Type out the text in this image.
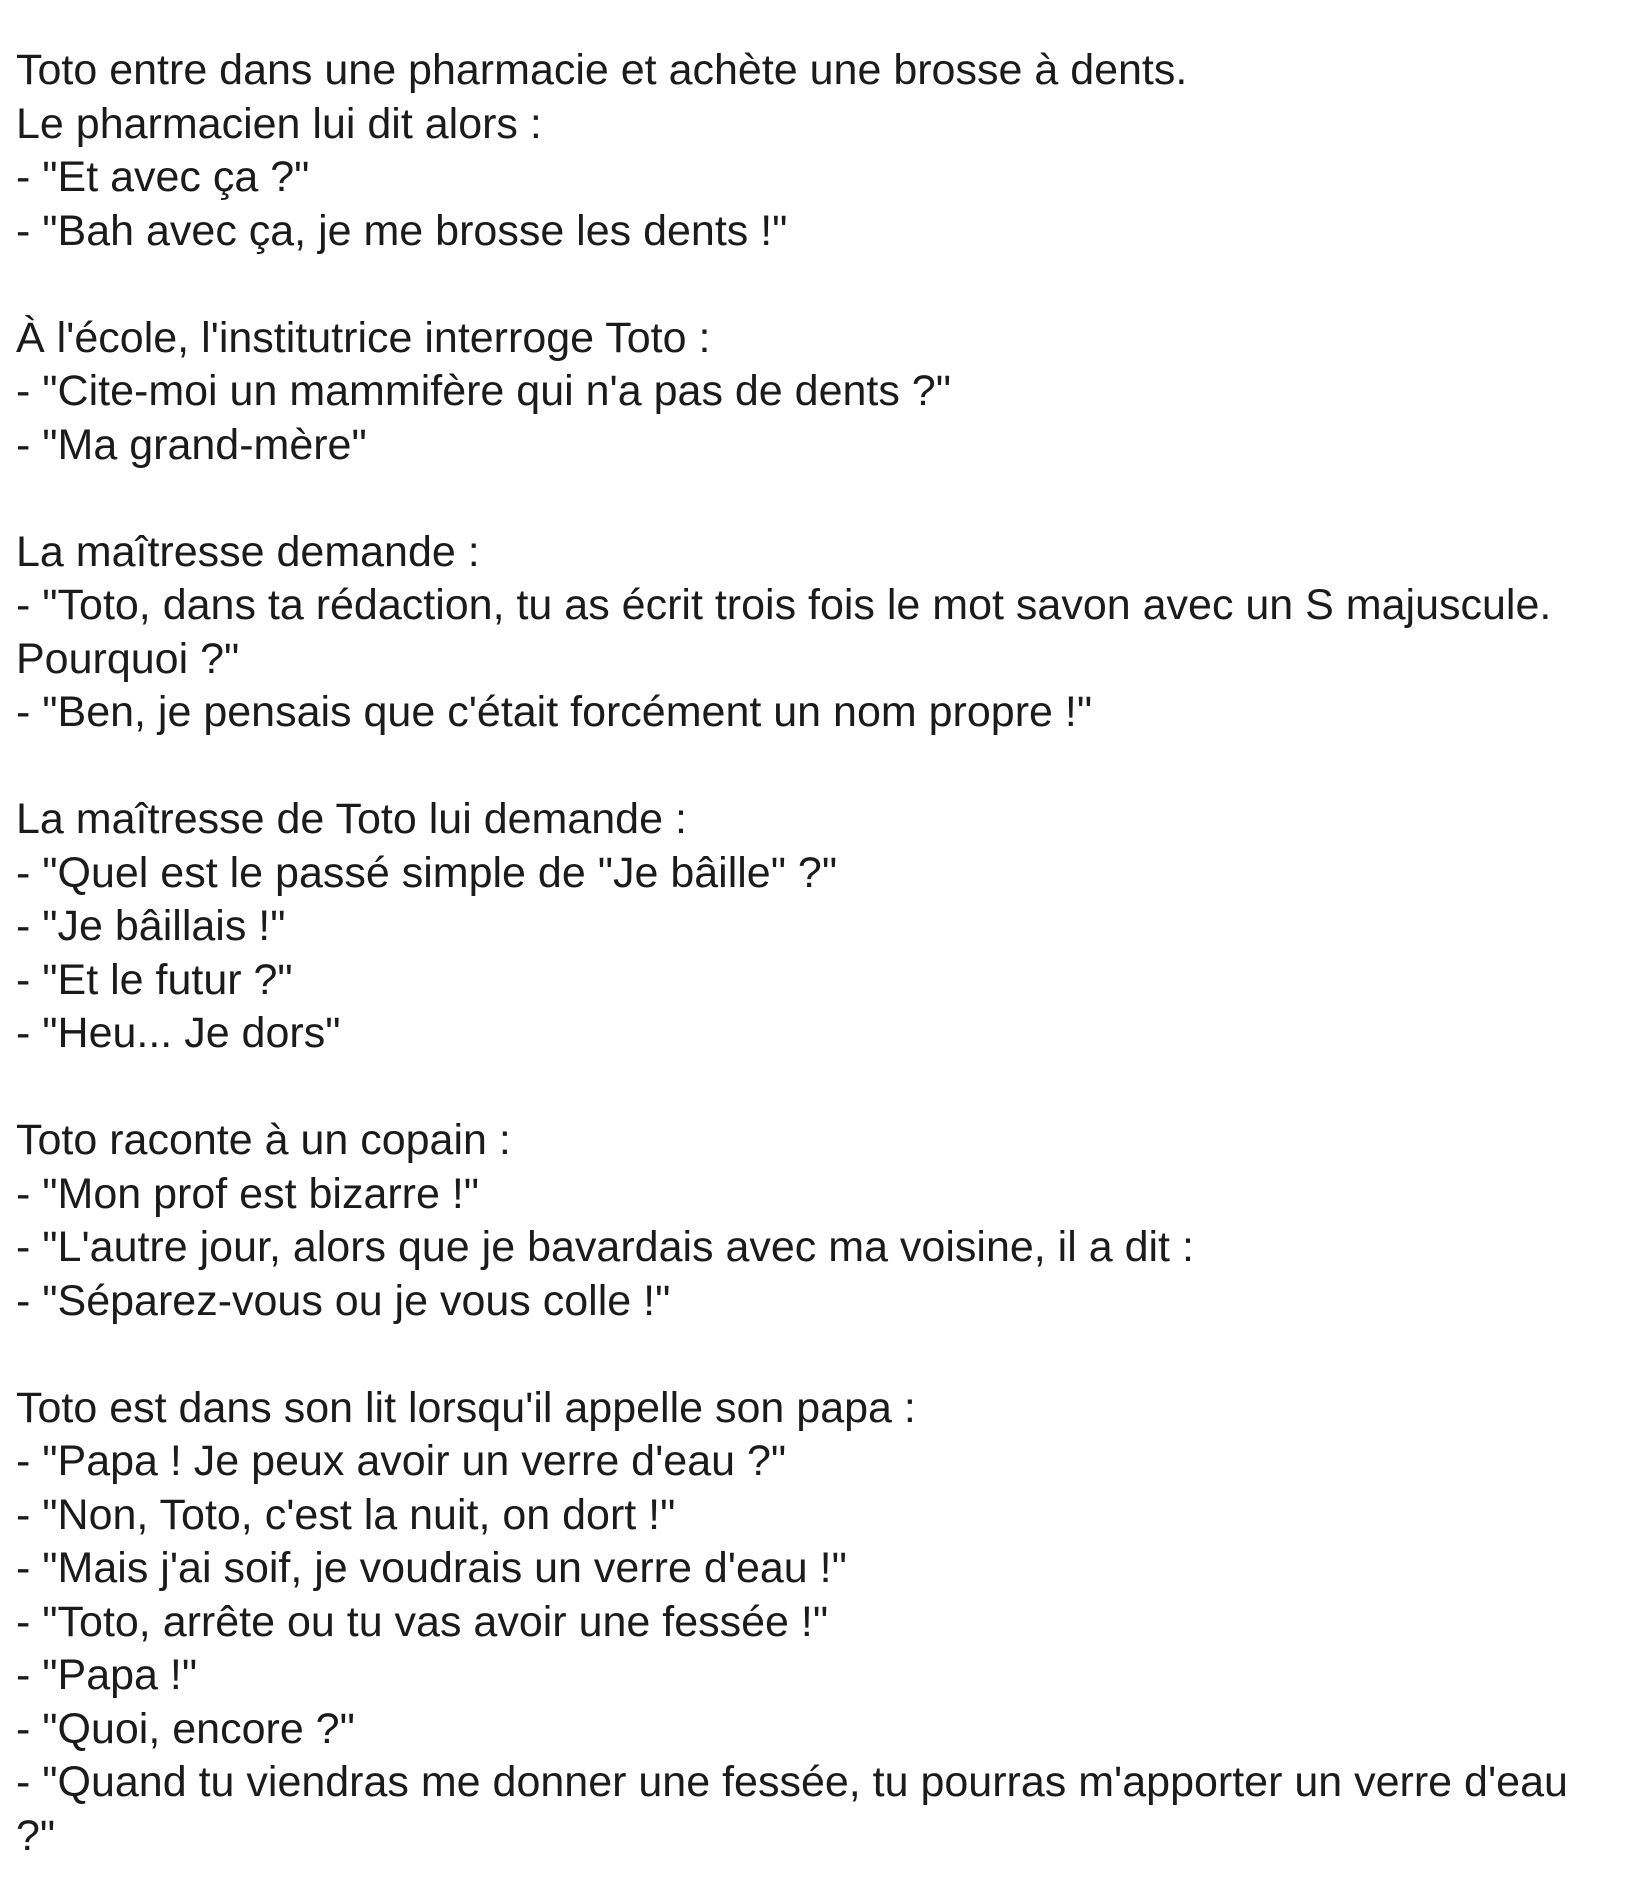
Toto entre dans une pharmacie et achète une brosse à dents.
Le pharmacien lui dit alors :
- "Et avec ça ?"
- "Bah avec ça, je me brosse les dents !"
À l'école, l'institutrice interroge Toto :
- "Cite-moi un mammifère qui n'a pas de dents ?"
- "Ma grand-mère"
La maîtresse demande :
- "Toto, dans ta rédaction, tu as écrit trois fois le mot savon avec un S majuscule. Pourquoi ?"
- "Ben, je pensais que c'était forcément un nom propre !"
La maîtresse de Toto lui demande :
- "Quel est le passé simple de "Je bâille" ?"
- "Je bâillais !"
- "Et le futur ?"
- "Heu... Je dors"
Toto raconte à un copain :
- "Mon prof est bizarre !"
- "L'autre jour, alors que je bavardais avec ma voisine, il a dit :
- "Séparez-vous ou je vous colle !"
Toto est dans son lit lorsqu'il appelle son papa :
- "Papa ! Je peux avoir un verre d'eau ?"
- "Non, Toto, c'est la nuit, on dort !"
- "Mais j'ai soif, je voudrais un verre d'eau !"
- "Toto, arrête ou tu vas avoir une fessée !"
- "Papa !"
- "Quoi, encore ?"
- "Quand tu viendras me donner une fessée, tu pourras m'apporter un verre d'eau ?"
